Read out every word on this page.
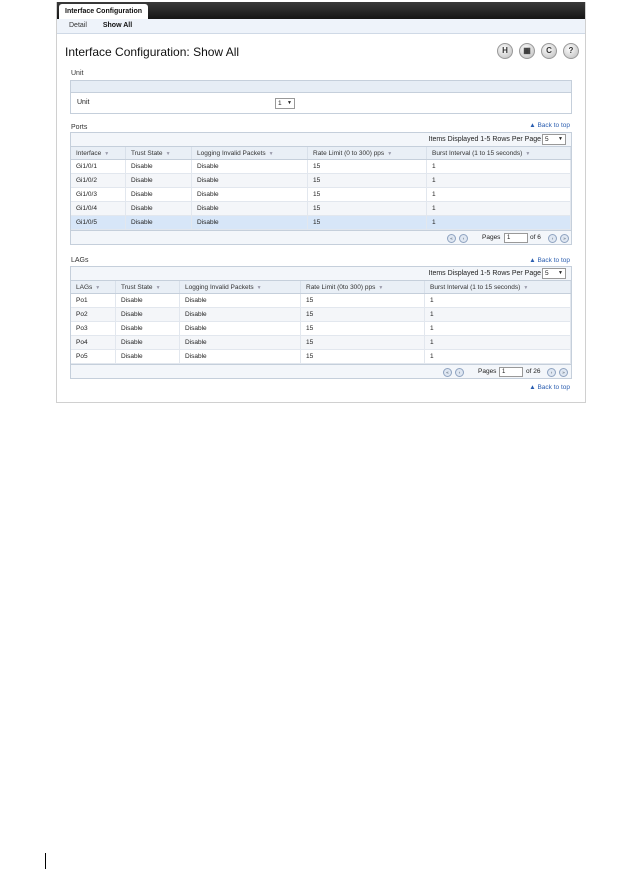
Interface Configuration
Detail Show All
Interface Configuration: Show All	H	▦	C	?
Unit
Unit	1 ▼
Ports	▲ Back to top
Items Displayed 1-5 Rows Per Page 5 ▼
Interface ▼	Trust State ▼	Logging Invalid Packets ▼	Rate Limit (0 to 300) pps ▼	Burst Interval (1 to 15 seconds) ▼
Gi1/0/1	Disable	Disable	15	1
Gi1/0/2	Disable	Disable	15	1
Gi1/0/3	Disable	Disable	15	1
Gi1/0/4	Disable	Disable	15	1
Gi1/0/5	Disable	Disable	15	1
«	‹	Pages	1	of 6	›	»
LAGs	▲ Back to top
Items Displayed 1-5 Rows Per Page 5 ▼
LAGs ▼	Trust State ▼	Logging Invalid Packets ▼	Rate Limit (0to 300) pps ▼	Burst Interval (1 to 15 seconds) ▼
Po1	Disable	Disable	15	1
Po2	Disable	Disable	15	1
Po3	Disable	Disable	15	1
Po4	Disable	Disable	15	1
Po5	Disable	Disable	15	1
«	‹	Pages 1	of 26	›	»
▲ Back to top
